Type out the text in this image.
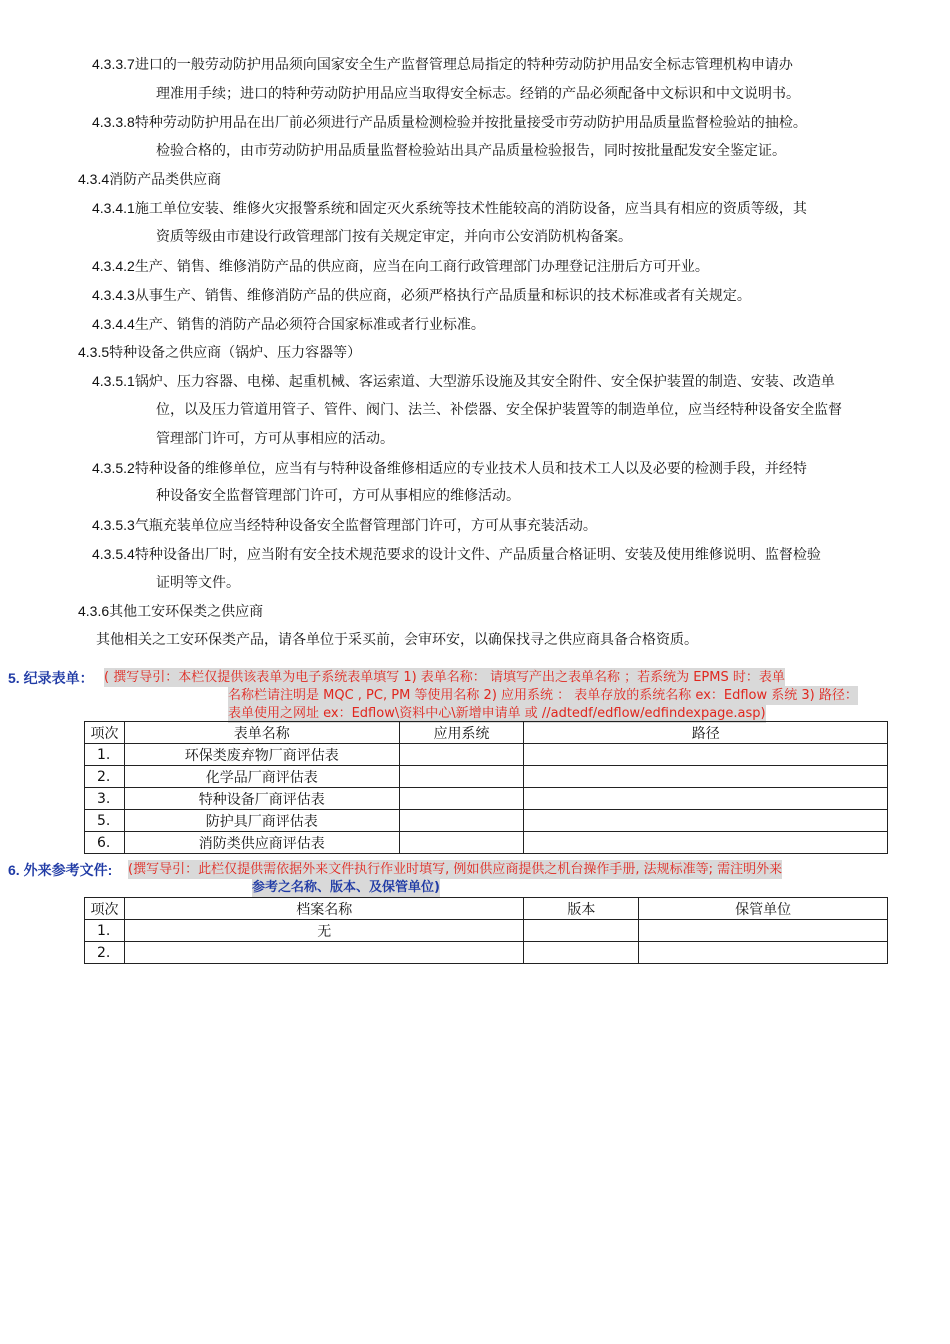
4.3.3.7进口的一般劳动防护用品须向国家安全生产监督管理总局指定的特种劳动防护用品安全标志管理机构申请办
理准用手续；进口的特种劳动防护用品应当取得安全标志。经销的产品必须配备中文标识和中文说明书。
4.3.3.8特种劳动防护用品在出厂前必须进行产品质量检测检验并按批量接受市劳动防护用品质量监督检验站的抽检。
检验合格的，由市劳动防护用品质量监督检验站出具产品质量检验报告，同时按批量配发安全鉴定证。
4.3.4消防产品类供应商
4.3.4.1施工单位安装、维修火灾报警系统和固定灭火系统等技术性能较高的消防设备，应当具有相应的资质等级，其
资质等级由市建设行政管理部门按有关规定审定，并向市公安消防机构备案。
4.3.4.2生产、销售、维修消防产品的供应商，应当在向工商行政管理部门办理登记注册后方可开业。
4.3.4.3从事生产、销售、维修消防产品的供应商，必须严格执行产品质量和标识的技术标准或者有关规定。
4.3.4.4生产、销售的消防产品必须符合国家标准或者行业标准。
4.3.5特种设备之供应商（锅炉、压力容器等）
4.3.5.1锅炉、压力容器、电梯、起重机械、客运索道、大型游乐设施及其安全附件、安全保护装置的制造、安装、改造单
位，以及压力管道用管子、管件、阀门、法兰、补偿器、安全保护装置等的制造单位，应当经特种设备安全监督
管理部门许可，方可从事相应的活动。
4.3.5.2特种设备的维修单位，应当有与特种设备维修相适应的专业技术人员和技术工人以及必要的检测手段，并经特
种设备安全监督管理部门许可，方可从事相应的维修活动。
4.3.5.3气瓶充装单位应当经特种设备安全监督管理部门许可，方可从事充装活动。
4.3.5.4特种设备出厂时，应当附有安全技术规范要求的设计文件、产品质量合格证明、安装及使用维修说明、监督检验
证明等文件。
4.3.6其他工安环保类之供应商
其他相关之工安环保类产品，请各单位于采买前，会审环安，以确保找寻之供应商具备合格资质。
5. 纪录表单： ( 撰写导引：本栏仅提供该表单为电子系统表单填写 1) 表单名称： 请填写产出之表单名称 ；若系统为 EPMS 时：表单
名称栏请注明是 MQC , PC, PM 等使用名称 2) 应用系统 ： 表单存放的系统名称 ex：Edflow 系统 3) 路径：
表单使用之网址 ex：Edflow\资料中心\新增申请单 或 //adtedf/edflow/edfindexpage.asp)
项次	表单名称	应用系统	路径
1.	环保类废弃物厂商评估表		
2.	化学品厂商评估表		
3.	特种设备厂商评估表		
5.	防护具厂商评估表		
6.	消防类供应商评估表		
6. 外来参考文件: (撰写导引：此栏仅提供需依据外来文件执行作业时填写, 例如供应商提供之机台操作手册, 法规标准等; 需注明外来
参考之名称、版本、及保管单位)
项次	档案名称	版本	保管单位
1.	无		
2.			
